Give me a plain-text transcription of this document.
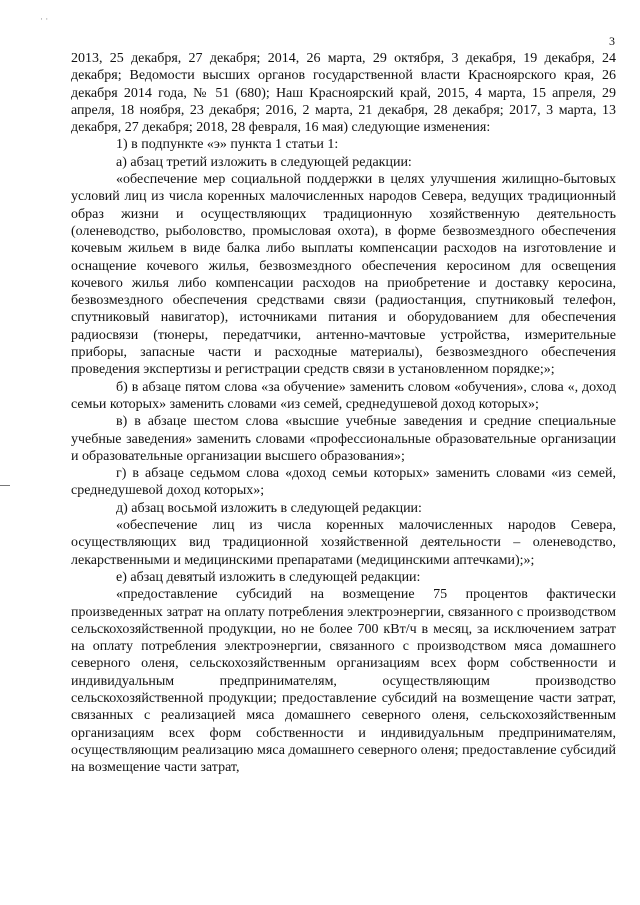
· ·
3

2013, 25 декабря, 27 декабря; 2014, 26 марта, 29 октября, 3 декабря, 19 декабря, 24 декабря; Ведомости высших органов государственной власти Красноярского края, 26 декабря 2014 года, № 51 (680); Наш Красноярский край, 2015, 4 марта, 15 апреля, 29 апреля, 18 ноября, 23 декабря; 2016, 2 марта, 21 декабря, 28 декабря; 2017, 3 марта, 13 декабря, 27 декабря; 2018, 28 февраля, 16 мая) следующие изменения:

1) в подпункте «э» пункта 1 статьи 1:

а) абзац третий изложить в следующей редакции:

«обеспечение мер социальной поддержки в целях улучшения жилищно-бытовых условий лиц из числа коренных малочисленных народов Севера, ведущих традиционный образ жизни и осуществляющих традиционную хозяйственную деятельность (оленеводство, рыболовство, промысловая охота), в форме безвозмездного обеспечения кочевым жильем в виде балка либо выплаты компенсации расходов на изготовление и оснащение кочевого жилья, безвозмездного обеспечения керосином для освещения кочевого жилья либо компенсации расходов на приобретение и доставку керосина, безвозмездного обеспечения средствами связи (радиостанция, спутниковый телефон, спутниковый навигатор), источниками питания и оборудованием для обеспечения радиосвязи (тюнеры, передатчики, антенно-мачтовые устройства, измерительные приборы, запасные части и расходные материалы), безвозмездного обеспечения проведения экспертизы и регистрации средств связи в установленном порядке;»;

б) в абзаце пятом слова «за обучение» заменить словом «обучения», слова «, доход семьи которых» заменить словами «из семей, среднедушевой доход которых»;

в) в абзаце шестом слова «высшие учебные заведения и средние специальные учебные заведения» заменить словами «профессиональные образовательные организации и образовательные организации высшего образования»;

г) в абзаце седьмом слова «доход семьи которых» заменить словами «из семей, среднедушевой доход которых»;

д) абзац восьмой изложить в следующей редакции:

«обеспечение лиц из числа коренных малочисленных народов Севера, осуществляющих вид традиционной хозяйственной деятельности – оленеводство, лекарственными и медицинскими препаратами (медицинскими аптечками);»;

е) абзац девятый изложить в следующей редакции:

«предоставление субсидий на возмещение 75 процентов фактически произведенных затрат на оплату потребления электроэнергии, связанного с производством сельскохозяйственной продукции, но не более 700 кВт/ч в месяц, за исключением затрат на оплату потребления электроэнергии, связанного с производством мяса домашнего северного оленя, сельскохозяйственным организациям всех форм собственности и индивидуальным предпринимателям, осуществляющим производство сельскохозяйственной продукции; предоставление субсидий на возмещение части затрат, связанных с реализацией мяса домашнего северного оленя, сельскохозяйственным организациям всех форм собственности и индивидуальным предпринимателям, осуществляющим реализацию мяса домашнего северного оленя; предоставление субсидий на возмещение части затрат,
